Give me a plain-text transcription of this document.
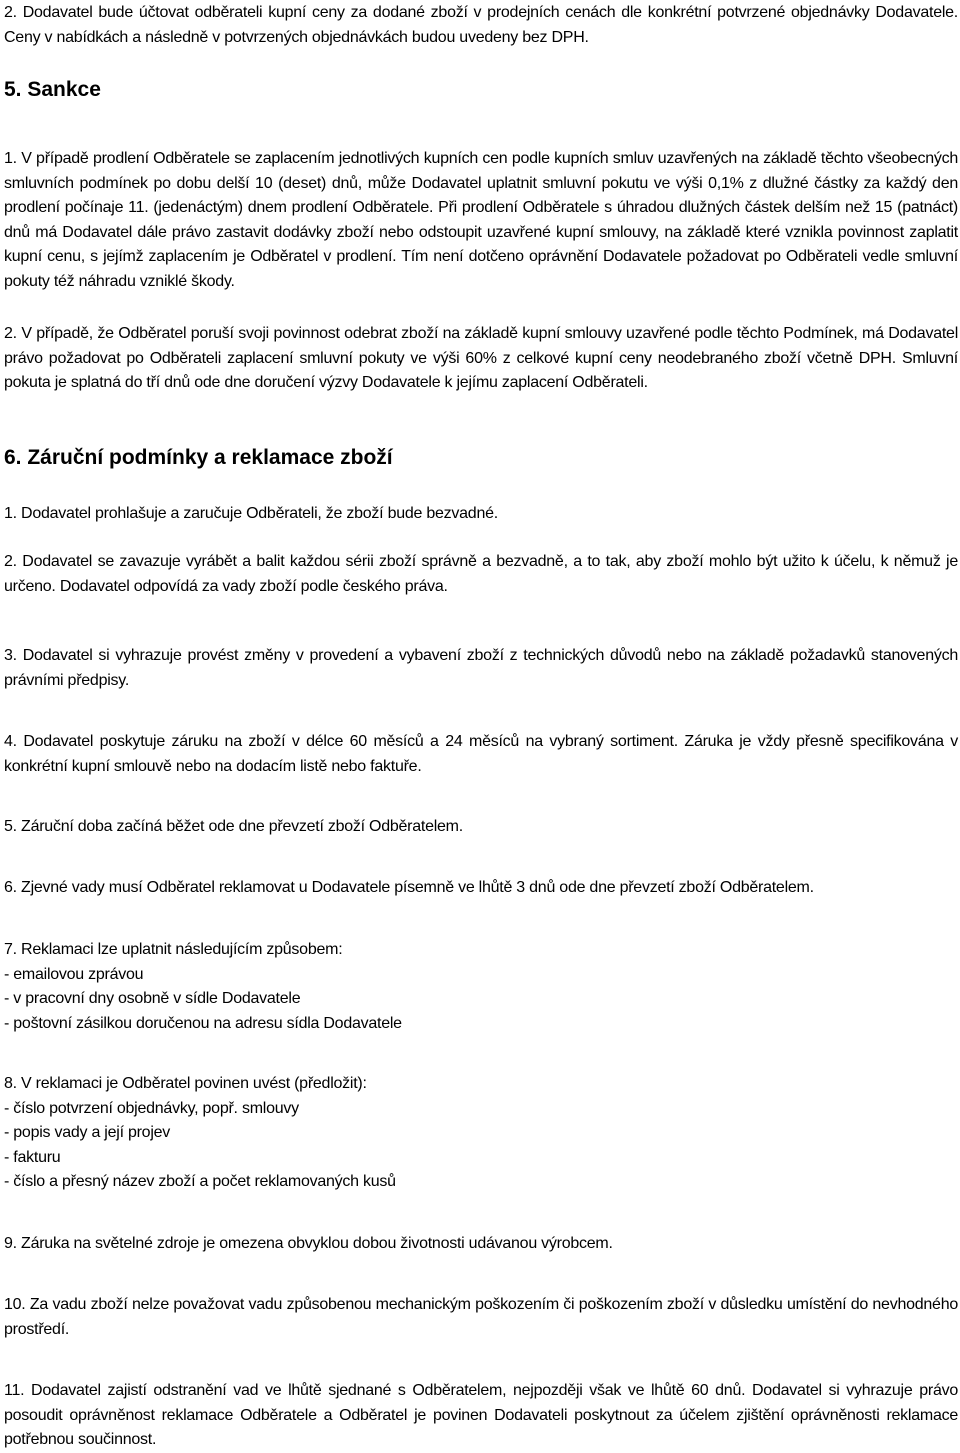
2. Dodavatel bude účtovat odběrateli kupní ceny za dodané zboží v prodejních cenách dle konkrétní potvrzené objednávky Dodavatele. Ceny v nabídkách a následně v potvrzených objednávkách budou uvedeny bez DPH.

5. Sankce

1. V případě prodlení Odběratele se zaplacením jednotlivých kupních cen podle kupních smluv uzavřených na základě těchto všeobecných smluvních podmínek po dobu delší 10 (deset) dnů, může Dodavatel uplatnit smluvní pokutu ve výši 0,1% z dlužné částky za každý den prodlení počínaje 11. (jedenáctým) dnem prodlení Odběratele. Při prodlení Odběratele s úhradou dlužných částek delším než 15 (patnáct) dnů má Dodavatel dále právo zastavit dodávky zboží nebo odstoupit uzavřené kupní smlouvy, na základě které vznikla povinnost zaplatit kupní cenu, s jejímž zaplacením je Odběratel v prodlení. Tím není dotčeno oprávnění Dodavatele požadovat po Odběrateli vedle smluvní pokuty též náhradu vzniklé škody.

2. V případě, že Odběratel poruší svoji povinnost odebrat zboží na základě kupní smlouvy uzavřené podle těchto Podmínek, má Dodavatel právo požadovat po Odběrateli zaplacení smluvní pokuty ve výši 60% z celkové kupní ceny neodebraného zboží včetně DPH. Smluvní pokuta je splatná do tří dnů ode dne doručení výzvy Dodavatele k jejímu zaplacení Odběrateli.

6. Záruční podmínky a reklamace zboží

1. Dodavatel prohlašuje a zaručuje Odběrateli, že zboží bude bezvadné.

2. Dodavatel se zavazuje vyrábět a balit každou sérii zboží správně a bezvadně, a to tak, aby zboží mohlo být užito k účelu, k němuž je určeno. Dodavatel odpovídá za vady zboží podle českého práva.

3. Dodavatel si vyhrazuje provést změny v provedení a vybavení zboží z technických důvodů nebo na základě požadavků stanovených právními předpisy.

4. Dodavatel poskytuje záruku na zboží v délce 60 měsíců a 24 měsíců na vybraný sortiment. Záruka je vždy přesně specifikována v konkrétní kupní smlouvě nebo na dodacím listě nebo faktuře.

5. Záruční doba začíná běžet ode dne převzetí zboží Odběratelem.

6. Zjevné vady musí Odběratel reklamovat u Dodavatele písemně ve lhůtě 3 dnů ode dne převzetí zboží Odběratelem.

7. Reklamaci lze uplatnit následujícím způsobem:
- emailovou zprávou
- v pracovní dny osobně v sídle Dodavatele
- poštovní zásilkou doručenou na adresu sídla Dodavatele
8. V reklamaci je Odběratel povinen uvést (předložit):
- číslo potvrzení objednávky, popř. smlouvy
- popis vady a její projev
- fakturu
- číslo a přesný název zboží a počet reklamovaných kusů

9. Záruka na světelné zdroje je omezena obvyklou dobou životnosti udávanou výrobcem.

10. Za vadu zboží nelze považovat vadu způsobenou mechanickým poškozením či poškozením zboží v důsledku umístění do nevhodného prostředí.

11. Dodavatel zajistí odstranění vad ve lhůtě sjednané s Odběratelem, nejpozději však ve lhůtě 60 dnů. Dodavatel si vyhrazuje právo posoudit oprávněnost reklamace Odběratele a Odběratel je povinen Dodavateli poskytnout za účelem zjištění oprávněnosti reklamace potřebnou součinnost.
